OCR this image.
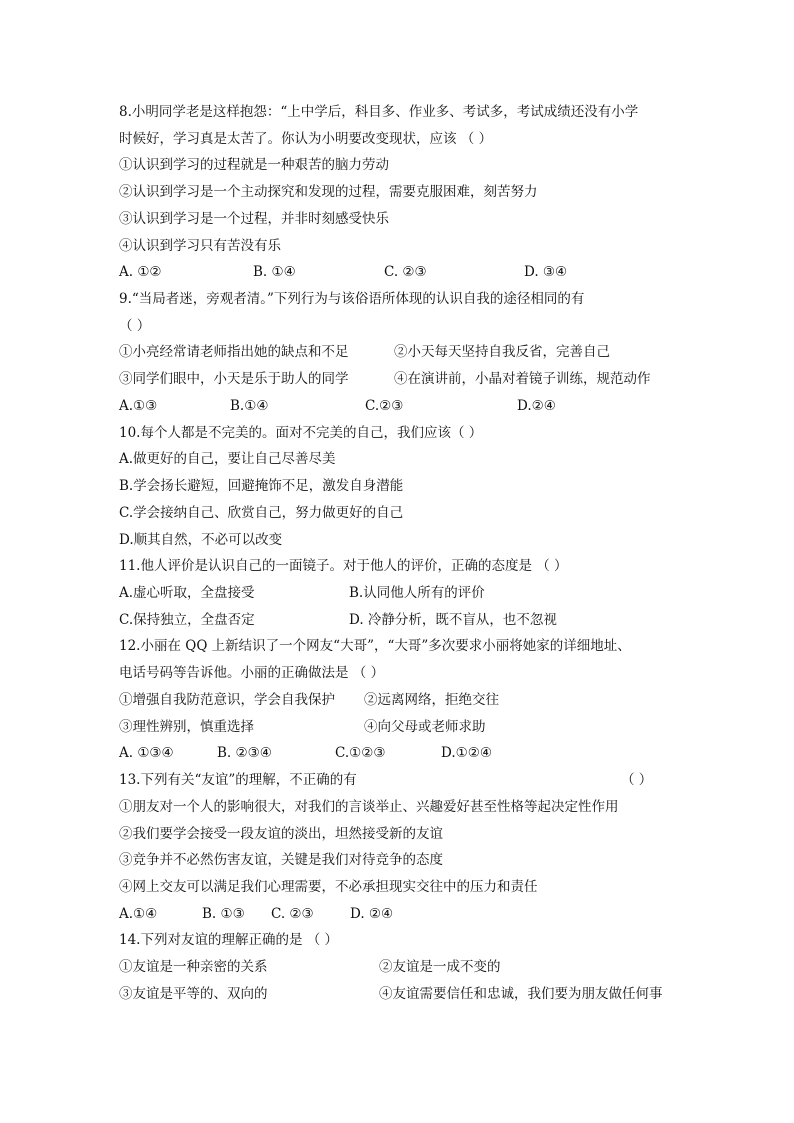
8.小明同学老是这样抱怨：“上中学后，科目多、作业多、考试多，考试成绩还没有小学
时候好，学习真是太苦了。你认为小明要改变现状，应该 （ ）
①认识到学习的过程就是一种艰苦的脑力劳动
②认识到学习是一个主动探究和发现的过程，需要克服困难，刻苦努力
③认识到学习是一个过程，并非时刻感受快乐
④认识到学习只有苦没有乐
A. ①②	B. ①④	C. ②③	D. ③④
9.“当局者迷，旁观者清。”下列行为与该俗语所体现的认识自我的途径相同的有
（ ）
①小亮经常请老师指出她的缺点和不足	②小天每天坚持自我反省，完善自己
③同学们眼中，小天是乐于助人的同学	④在演讲前，小晶对着镜子训练，规范动作
A.①③	B.①④	C.②③	D.②④
10.每个人都是不完美的。面对不完美的自己，我们应该（ ）
A.做更好的自己，要让自己尽善尽美
B.学会扬长避短，回避掩饰不足，激发自身潜能
C.学会接纳自己、欣赏自己，努力做更好的自己
D.顺其自然，不必可以改变
11.他人评价是认识自己的一面镜子。对于他人的评价，正确的态度是 （ ）
A.虚心听取，全盘接受	B.认同他人所有的评价
C.保持独立，全盘否定	D. 冷静分析，既不盲从，也不忽视
12.小丽在 QQ 上新结识了一个网友“大哥”，“大哥”多次要求小丽将她家的详细地址、
电话号码等告诉他。小丽的正确做法是 （ ）
①增强自我防范意识，学会自我保护 ②远离网络，拒绝交往
③理性辨别，慎重选择	④向父母或老师求助
A. ①③④	B. ②③④	C.①②③	D.①②④
13.下列有关“友谊”的理解，不正确的有	（ ）
①朋友对一个人的影响很大，对我们的言谈举止、兴趣爱好甚至性格等起决定性作用
②我们要学会接受一段友谊的淡出，坦然接受新的友谊
③竞争并不必然伤害友谊，关键是我们对待竞争的态度
④网上交友可以满足我们心理需要，不必承担现实交往中的压力和责任
A.①④	B. ①③ C. ②③	D. ②④
14.下列对友谊的理解正确的是 （ ）
①友谊是一种亲密的关系	②友谊是一成不变的
③友谊是平等的、双向的	④友谊需要信任和忠诚，我们要为朋友做任何事
